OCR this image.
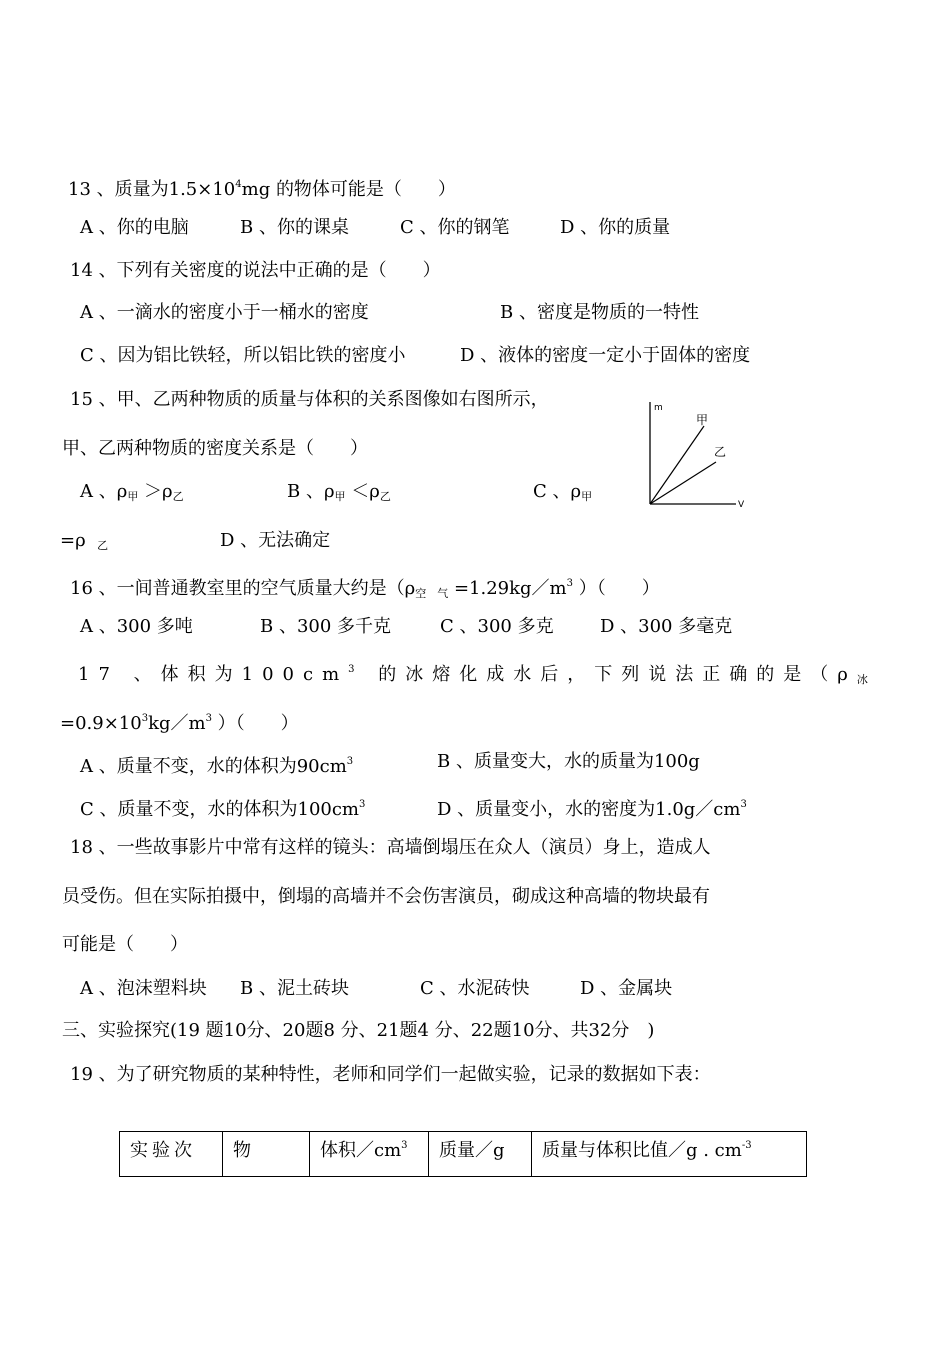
13 、质量为$1.5\times 10^4mg$ 的物体可能是（　　）
A 、你的电脑	B 、你的课桌	C 、你的钢笔	D 、你的质量
14 、下列有关密度的说法中正确的是（　　）
A 、一滴水的密度小于一桶水的密度	B 、密度是物质的一特性
C 、因为铝比铁轻，所以铝比铁的密度小	D 、液体的密度一定小于固体的密度
15 、甲、乙两种物质的质量与体积的关系图像如右图所示，
甲、乙两种物质的密度关系是（　　）
A 、$\rho_甲 >\rho_乙$	B 、$\rho_甲 <\rho_乙$	C 、$\rho_甲$
=ρ $_乙$	D 、无法确定
m
V
甲
乙
16 、一间普通教室里的空气质量大约是（$\rho_{空 气}$ $=1.29kg/m^3$ ）（　　）
A 、300 多吨	B 、300 多千克	C 、300 多克	D 、300 多毫克
17 、体积为$100cm^3$ 的冰熔化成水后，下列说法正确的是（$\rho_冰$
$=0.9\times 10^3kg/m^3$ ）（　　）
A 、质量不变，水的体积为$90cm^3$	B 、质量变大，水的质量为100g
C 、质量不变，水的体积为$100cm^3$	D 、质量变小，水的密度为$1.0g/cm^3$
18 、一些故事影片中常有这样的镜头：高墙倒塌压在众人（演员）身上，造成人
员受伤。但在实际拍摄中，倒塌的高墙并不会伤害演员，砌成这种高墙的物块最有
可能是（　　）
A 、泡沫塑料块 B 、泥土砖块	C 、水泥砖快	D 、金属块
三、实验探究(19 题10分、20题8 分、21题4 分、22题10分、共32分　)
19 、为了研究物质的某种特性，老师和同学们一起做实验，记录的数据如下表：
实验次	物	体积$/cm^3$	质量／g	质量与体积比值／g . $cm^{-3}$
